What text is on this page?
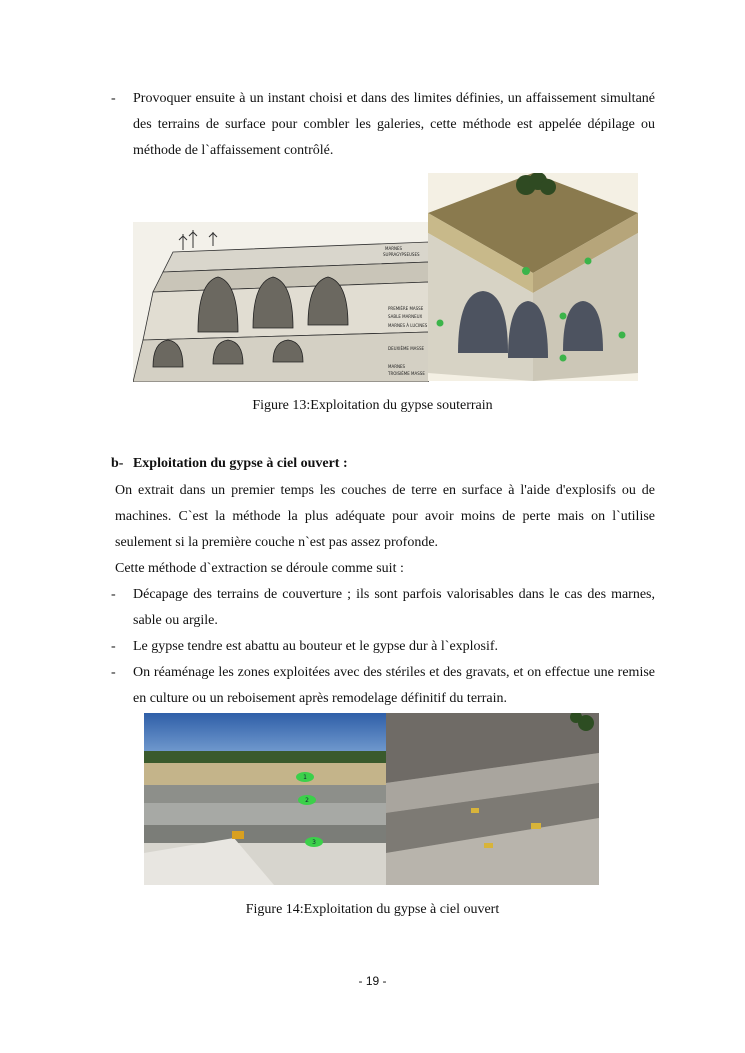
- Provoquer ensuite à un instant choisi et dans des limites définies, un affaissement simultané des terrains de surface pour combler les galeries, cette méthode est appelée dépilage ou méthode de l`affaissement contrôlé.

MARNES
SUPRAGYPSEUSES
PREMIÈRE MASSE
SABLE MARNEUX
MARNES À LUCINES
DEUXIÈME MASSE
MARNES
TROISIÈME MASSE
Figure 13:Exploitation du gypse souterrain
b- Exploitation du gypse à ciel ouvert :

On extrait dans un premier temps les couches de terre en surface à l'aide d'explosifs ou de machines. C`est la méthode la plus adéquate pour avoir moins de perte mais on l`utilise seulement si la première couche n`est pas assez profonde.

Cette méthode d`extraction se déroule comme suit :

- Décapage des terrains de couverture ; ils sont parfois valorisables dans le cas des marnes, sable ou argile.

- Le gypse tendre est abattu au bouteur et le gypse dur à l`explosif.

- On réaménage les zones exploitées avec des stériles et des gravats, et on effectue une remise en culture ou un reboisement après remodelage définitif du terrain.

1
2
3
Figure 14:Exploitation du gypse à ciel ouvert
- 19 -
